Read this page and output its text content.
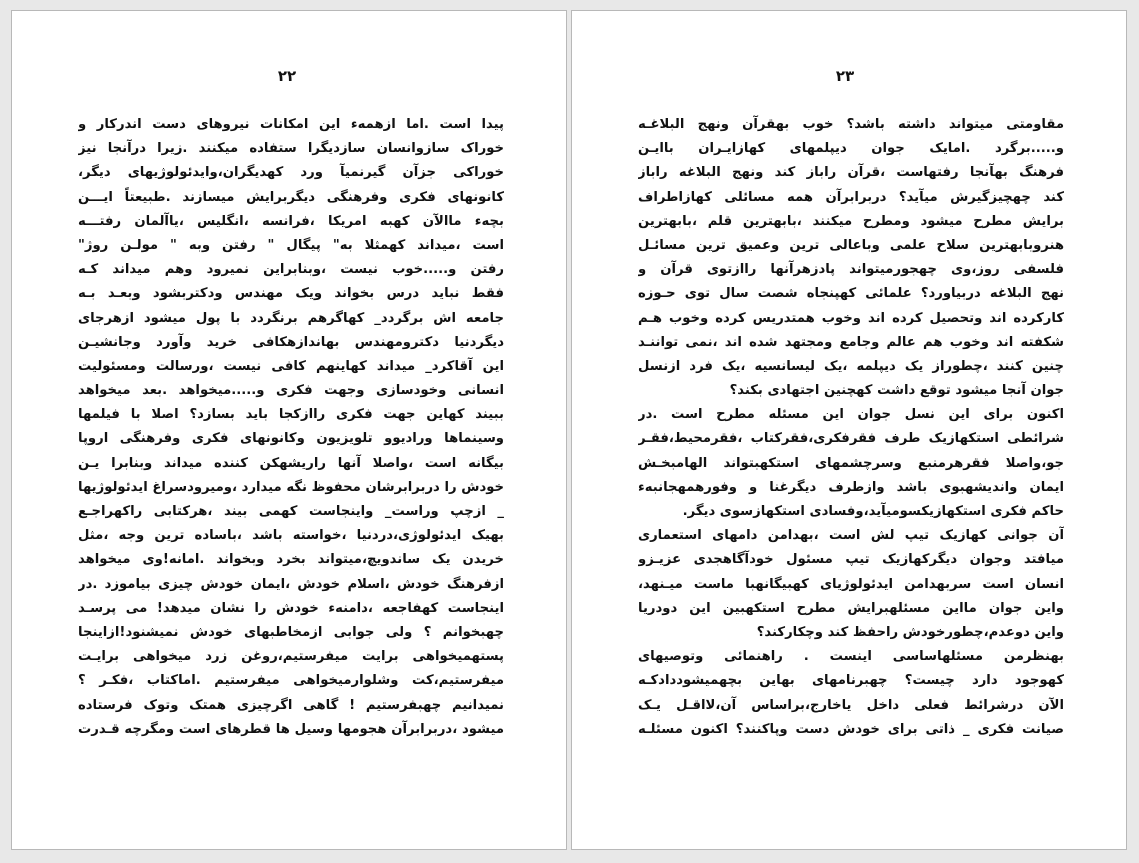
۲۲
پیدا است .اما ازهمهء این امکانات نیروهای دست اندرکار و
خوراک سازوانسان سازدیگرا ستفاده میکنند .زیرا درآنجا نیز
خوراکی جزآن گیرنمیآ ورد کهدیگران،وایدئولوژیهای دیگر،
کانونهای فکری وفرهنگی دیگربرایش میسازند .طبیعتاً ایـــن
بچهء ماالآن کهبه امریکا ،فرانسه ،انگلیس ،یاآلمان رفتـــه
است ،میداند کهمثلا به" پیگال " رفتن وبه " مولـن روژ"
رفتن و.....خوب نیست ،وبنابراین نمیرود وهم میداند کـه
فقط نباید درس بخواند ویک مهندس ودکتربشود وبعـد بـه
جامعه اش برگردد_ کهاگرهم برنگردد با پول میشود ازهرجای
دیگردنیا دکترومهندس بهاندازهکافی خرید وآورد وجانشیـن
این آقاکرد_ میداند کهاینهم کافی نیست ،ورسالت ومسئولیت
انسانی وخودسازی وجهت فکری و.....میخواهد .بعد میخواهد
ببیند کهاین جهت فکری راازکجا باید بسازد؟ اصلا با فیلمها
وسینماها ورادیوو تلویزیون وکانونهای فکری وفرهنگی اروپا
بیگانه است ،واصلا آنها راریشهکن کننده میداند وبنابرا یـن
خودش را دربرابرشان محفوظ نگه میدارد ،ومیرودسراغ ایدئولوژیها
_ ازچپ وراست_ واینجاست کهمی بیند ،هرکتابی راکهراجـع
بهیک ایدئولوژی،دردنیا ،خواسته باشد ،باساده ترین وجه ،مثل
خریدن یک ساندویچ،میتواند بخرد وبخواند .امانه!وی میخواهد
ازفرهنگ خودش ،اسلام خودش ،ایمان خودش چیزی بیاموزد .در
اینجاست کهفاجعه ،دامنهء خودش را نشان میدهد! می پرسـد
چهبخوانم ؟ ولی جوابی ازمخاطبهای خودش نمیشنود!ازاینجا
پستهمیخواهی برایت میفرستیم،روغن زرد میخواهی برایـت
میفرستیم،کت وشلوارمیخواهی میفرستیم .اماکتاب ،فکـر ؟
نمیدانیم چهبفرستیم ! گاهی اگرچیزی همتک وتوک فرستاده
میشود ،دربرابرآن هجومها وسیل ها قطرهای است ومگرچه قـدرت
۲۳
مقاومتی میتواند داشته باشد؟ خوب بهقرآن ونهج البلاغـه
و.....برگرد .امایک جوان دیپلمهای کهازایـران باایـن
فرهنگ بهآنجا رفتهاست ،قرآن راباز کند ونهج البلاغه راباز
کند چهچیزگیرش میآید؟ دربرابرآن همه مسائلی کهازاطراف
برایش مطرح میشود ومطرح میکنند ،بابهترین قلم ،بابهترین
هنروبابهترین سلاح علمی وباعالی ترین وعمیق ترین مسائـل
فلسفی روز،وی چهجورمیتواند پادزهرآنها راازتوی قرآن و
نهج البلاغه دربیاورد؟ علمائی کهپنجاه شصت سال توی حـوزه
کارکرده اند وتحصیل کرده اند وخوب همتدریس کرده وخوب هـم
شکفته اند وخوب هم عالم وجامع ومجتهد شده اند ،نمی تواننـد
چنین کنند ،چطوراز یک دیپلمه ،یک لیسانسیه ،یک فرد ازنسل
جوان آنجا میشود توقع داشت کهچنین اجتهادی بکند؟
اکنون برای این نسل جوان این مسئله مطرح است .در
شرائطی استکهازیک طرف فقرفکری،فقرکتاب ،فقرمحیط،فقـر
جو،واصلا فقرهرمنبع وسرچشمهای استکهبتواند الهامبخـش
ایمان واندیشهبوی باشد وازطرف دیگرغنا و وفورهمهجانبهء
حاکم فکری استکهازیکسومیآید،وفسادی استکهازسوی دیگر.
آن جوانی کهازیک تیپ لش است ،بهدامن دامهای استعماری
میافتد وجوان دیگرکهازیک تیپ مسئول خودآگاهجدی عزیـزو
انسان است سربهدامن ایدئولوژیای کهبیگانهبا ماست میـنهد،
واین جوان مااین مسئلهبرایش مطرح استکهبین این دودریا
واین دوعدم،چطورخودش راحفظ کند وچکارکند؟
بهنظرمن مسئلهاساسی اینست . راهنمائی وتوصیهای
کهوجود دارد چیست؟ چهبرنامهای بهاین بچهمیشوددادکـه
الآن درشرائط فعلی داخل یاخارج،براساس آن،لااقـل یـک
صیانت فکری _ ذاتی برای خودش دست وپاکنند؟ اکنون مسئلـه
